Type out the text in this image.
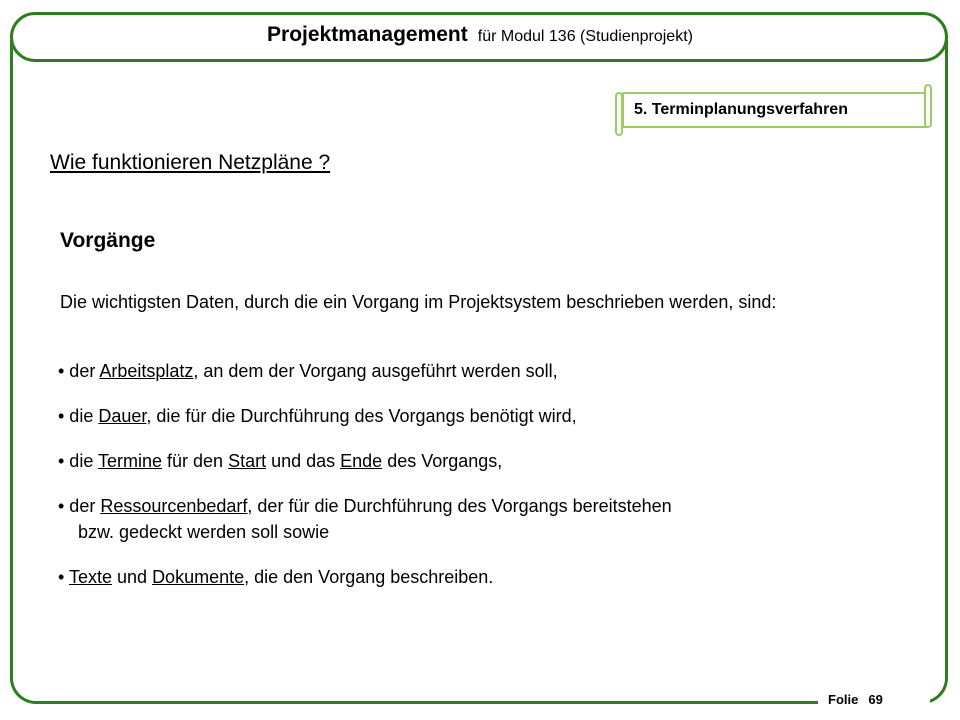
Projektmanagement für Modul 136 (Studienprojekt)
5. Terminplanungsverfahren
Wie funktionieren Netzpläne ?
Vorgänge
Die wichtigsten Daten, durch die ein Vorgang im Projektsystem beschrieben werden, sind:
• der Arbeitsplatz, an dem der Vorgang ausgeführt werden soll,
• die Dauer, die für die Durchführung des Vorgangs benötigt wird,
• die Termine für den Start und das Ende des Vorgangs,
• der Ressourcenbedarf, der für die Durchführung des Vorgangs bereitstehen
bzw. gedeckt werden soll sowie
• Texte und Dokumente, die den Vorgang beschreiben.
Folie 69
